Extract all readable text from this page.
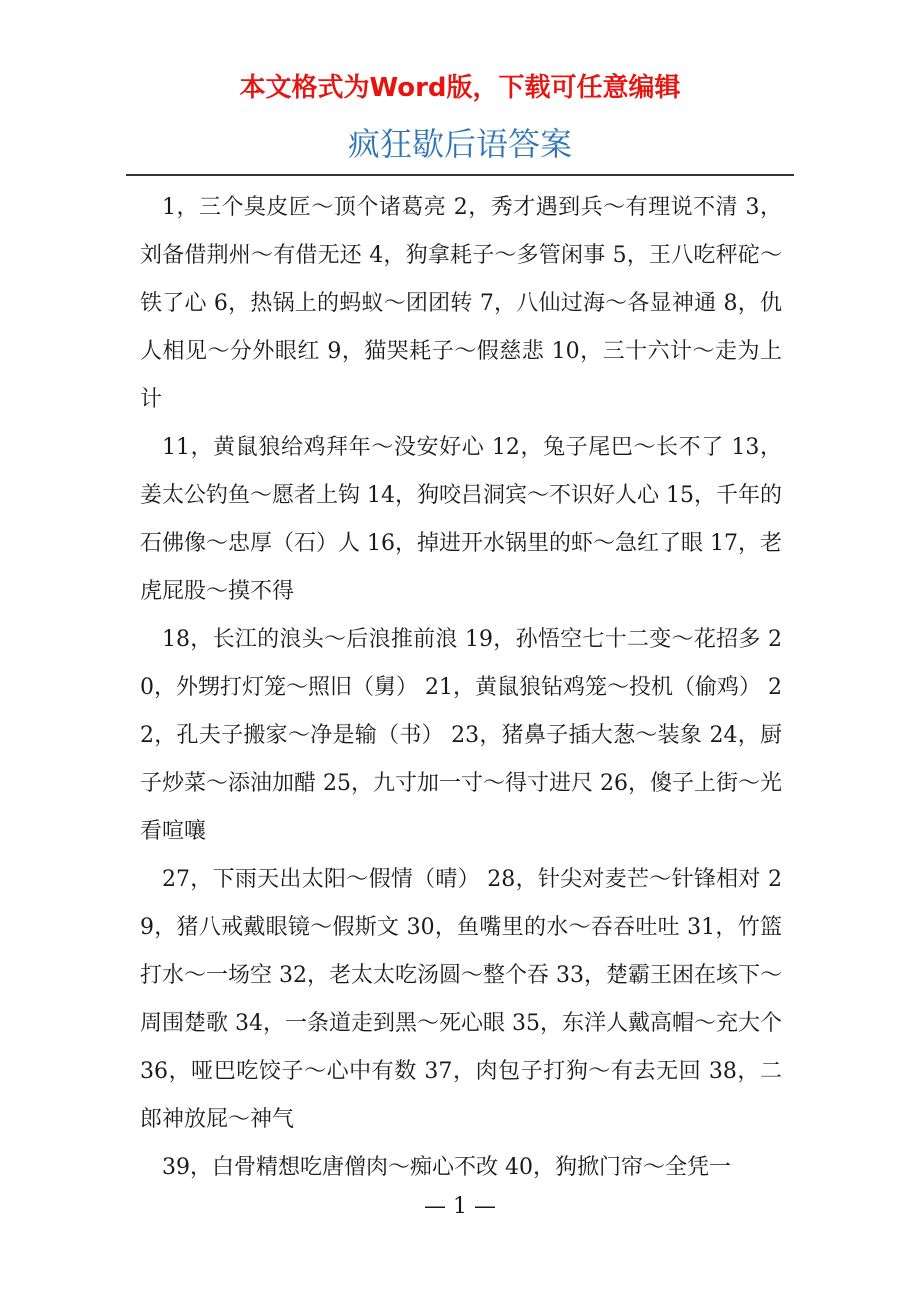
本文格式为Word版，下载可任意编辑
疯狂歇后语答案

1，三个臭皮匠～顶个诸葛亮 2，秀才遇到兵～有理说不清 3，刘备借荆州～有借无还 4，狗拿耗子～多管闲事 5，王八吃秤砣～铁了心 6，热锅上的蚂蚁～团团转 7，八仙过海～各显神通 8，仇人相见～分外眼红 9，猫哭耗子～假慈悲 10，三十六计～走为上计

11，黄鼠狼给鸡拜年～没安好心 12，兔子尾巴～长不了 13，姜太公钓鱼～愿者上钩 14，狗咬吕洞宾～不识好人心 15，千年的石佛像～忠厚（石）人 16，掉进开水锅里的虾～急红了眼 17，老虎屁股～摸不得

18，长江的浪头～后浪推前浪 19，孙悟空七十二变～花招多 20，外甥打灯笼～照旧（舅） 21，黄鼠狼钻鸡笼～投机（偷鸡） 22，孔夫子搬家～净是输（书） 23，猪鼻子插大葱～装象 24，厨子炒菜～添油加醋 25，九寸加一寸～得寸进尺 26，傻子上街～光看喧嚷

27，下雨天出太阳～假情（晴） 28，针尖对麦芒～针锋相对 29，猪八戒戴眼镜～假斯文 30，鱼嘴里的水～吞吞吐吐 31，竹篮打水～一场空 32，老太太吃汤圆～整个吞 33，楚霸王困在垓下～周围楚歌 34，一条道走到黑～死心眼 35，东洋人戴高帽～充大个 36，哑巴吃饺子～心中有数 37，肉包子打狗～有去无回 38，二郎神放屁～神气

39，白骨精想吃唐僧肉～痴心不改 40，狗掀门帘～全凭一

— 1 —
